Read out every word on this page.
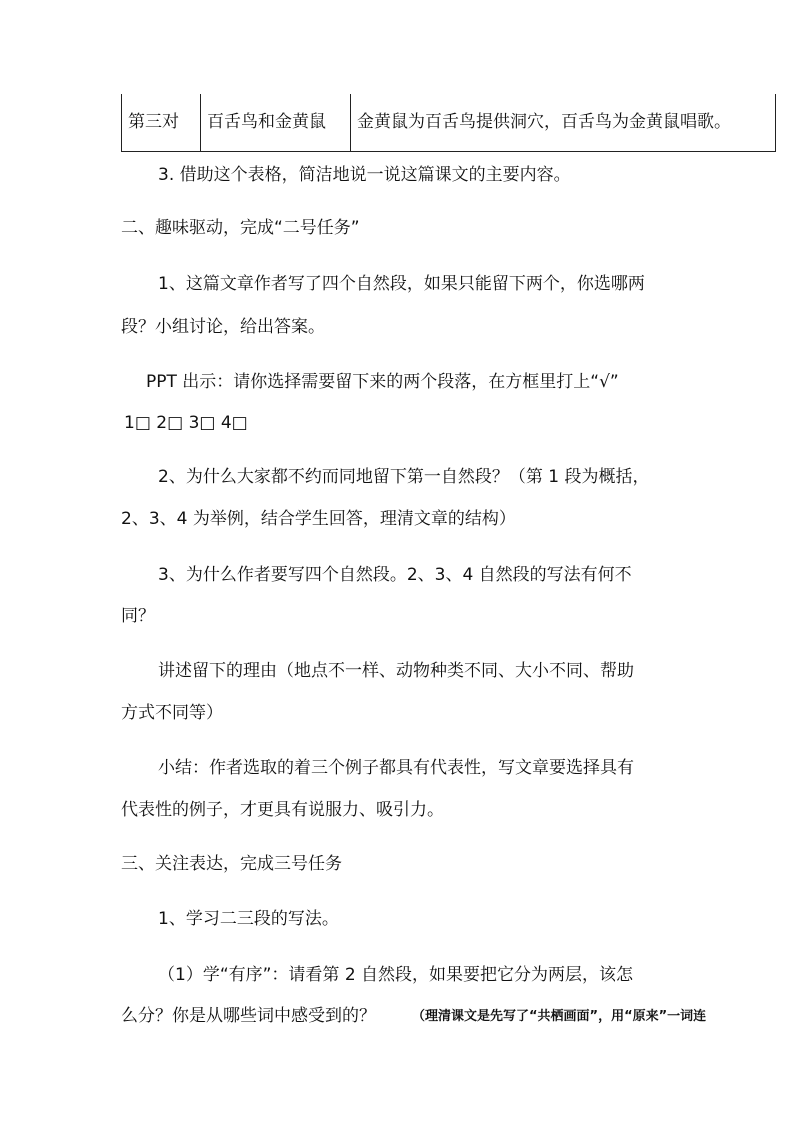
第三对	百舌鸟和金黄鼠	金黄鼠为百舌鸟提供洞穴，百舌鸟为金黄鼠唱歌。
3. 借助这个表格，简洁地说一说这篇课文的主要内容。
二、趣味驱动，完成“二号任务”
1、这篇文章作者写了四个自然段，如果只能留下两个，你选哪两
段？小组讨论，给出答案。
PPT 出示：请你选择需要留下来的两个段落，在方框里打上“√”
1□ 2□ 3□ 4□
2、为什么大家都不约而同地留下第一自然段？（第 1 段为概括，
2、3、4 为举例，结合学生回答，理清文章的结构）
3、为什么作者要写四个自然段。2、3、4 自然段的写法有何不
同？
讲述留下的理由（地点不一样、动物种类不同、大小不同、帮助
方式不同等）
小结：作者选取的着三个例子都具有代表性，写文章要选择具有
代表性的例子，才更具有说服力、吸引力。
三、关注表达，完成三号任务
1、学习二三段的写法。
（1）学“有序”：请看第 2 自然段，如果要把它分为两层，该怎
么分？你是从哪些词中感受到的？	（理清课文是先写了“共栖画面”，用“原来”一词连
